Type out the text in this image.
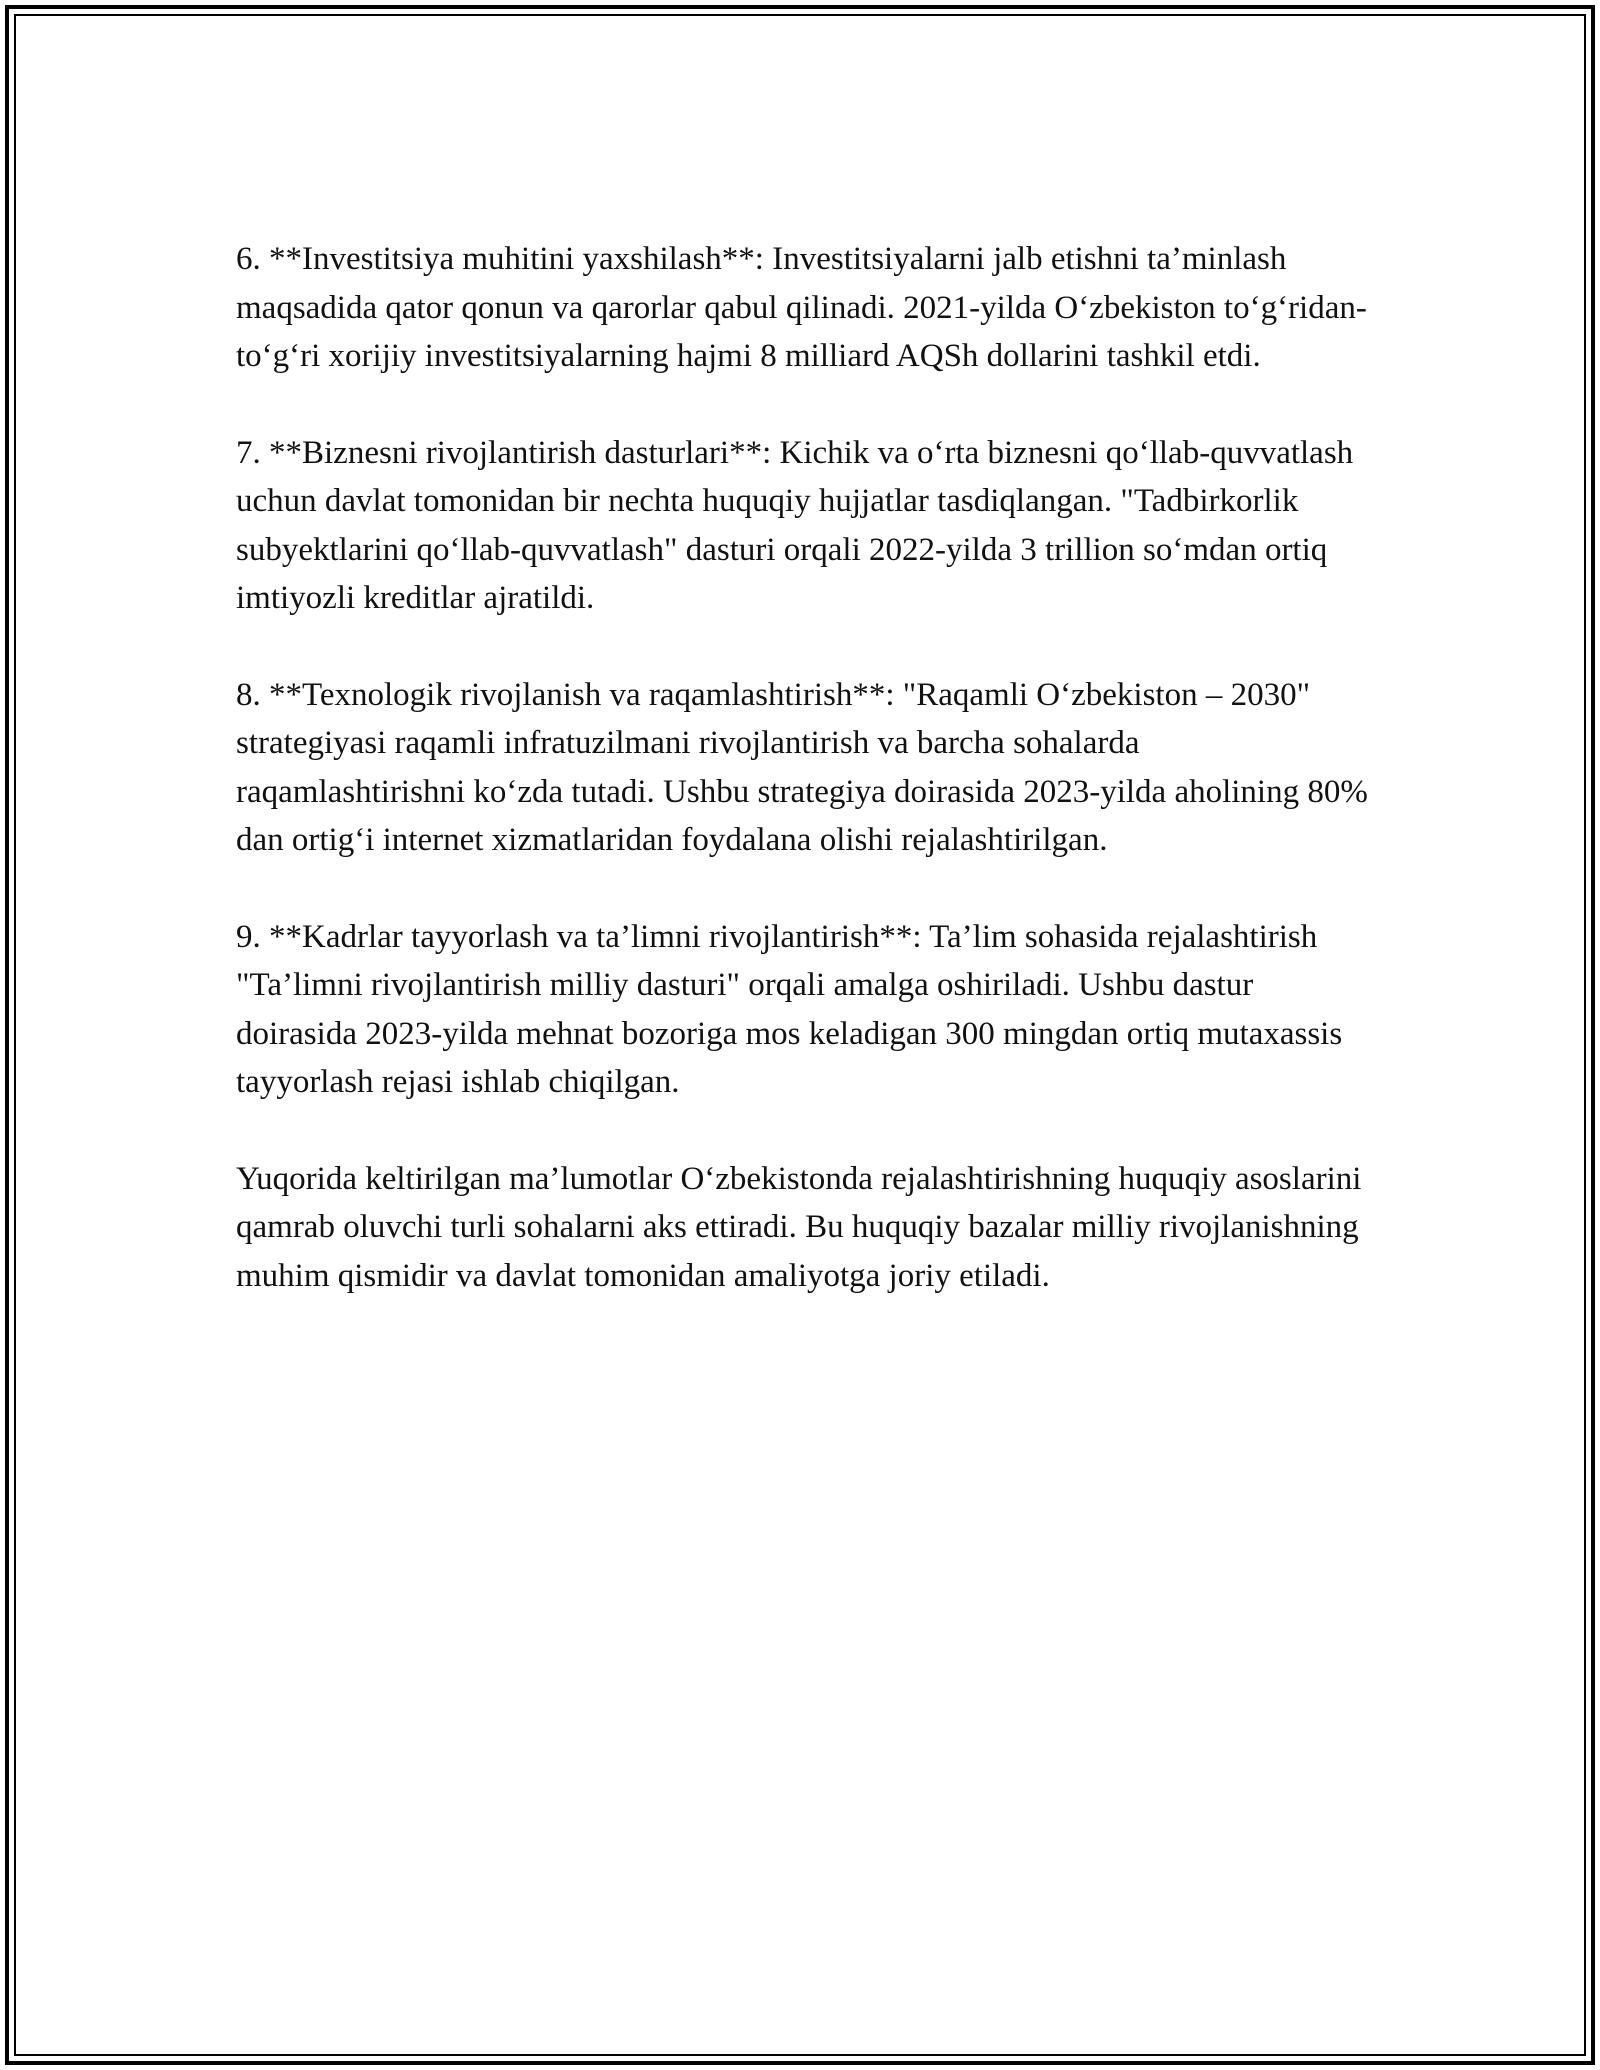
6. **Investitsiya muhitini yaxshilash**: Investitsiyalarni jalb etishni ta’minlash maqsadida qator qonun va qarorlar qabul qilinadi. 2021-yilda O‘zbekiston to‘g‘ridan-to‘g‘ri xorijiy investitsiyalarning hajmi 8 milliard AQSh dollarini tashkil etdi.

7. **Biznesni rivojlantirish dasturlari**: Kichik va o‘rta biznesni qo‘llab-quvvatlash uchun davlat tomonidan bir nechta huquqiy hujjatlar tasdiqlangan. "Tadbirkorlik subyektlarini qo‘llab-quvvatlash" dasturi orqali 2022-yilda 3 trillion so‘mdan ortiq imtiyozli kreditlar ajratildi.

8. **Texnologik rivojlanish va raqamlashtirish**: "Raqamli O‘zbekiston – 2030" strategiyasi raqamli infratuzilmani rivojlantirish va barcha sohalarda raqamlashtirishni ko‘zda tutadi. Ushbu strategiya doirasida 2023-yilda aholining 80% dan ortig‘i internet xizmatlaridan foydalana olishi rejalashtirilgan.

9. **Kadrlar tayyorlash va ta’limni rivojlantirish**: Ta’lim sohasida rejalashtirish "Ta’limni rivojlantirish milliy dasturi" orqali amalga oshiriladi. Ushbu dastur doirasida 2023-yilda mehnat bozoriga mos keladigan 300 mingdan ortiq mutaxassis tayyorlash rejasi ishlab chiqilgan.

Yuqorida keltirilgan ma’lumotlar O‘zbekistonda rejalashtirishning huquqiy asoslarini qamrab oluvchi turli sohalarni aks ettiradi. Bu huquqiy bazalar milliy rivojlanishning muhim qismidir va davlat tomonidan amaliyotga joriy etiladi.
